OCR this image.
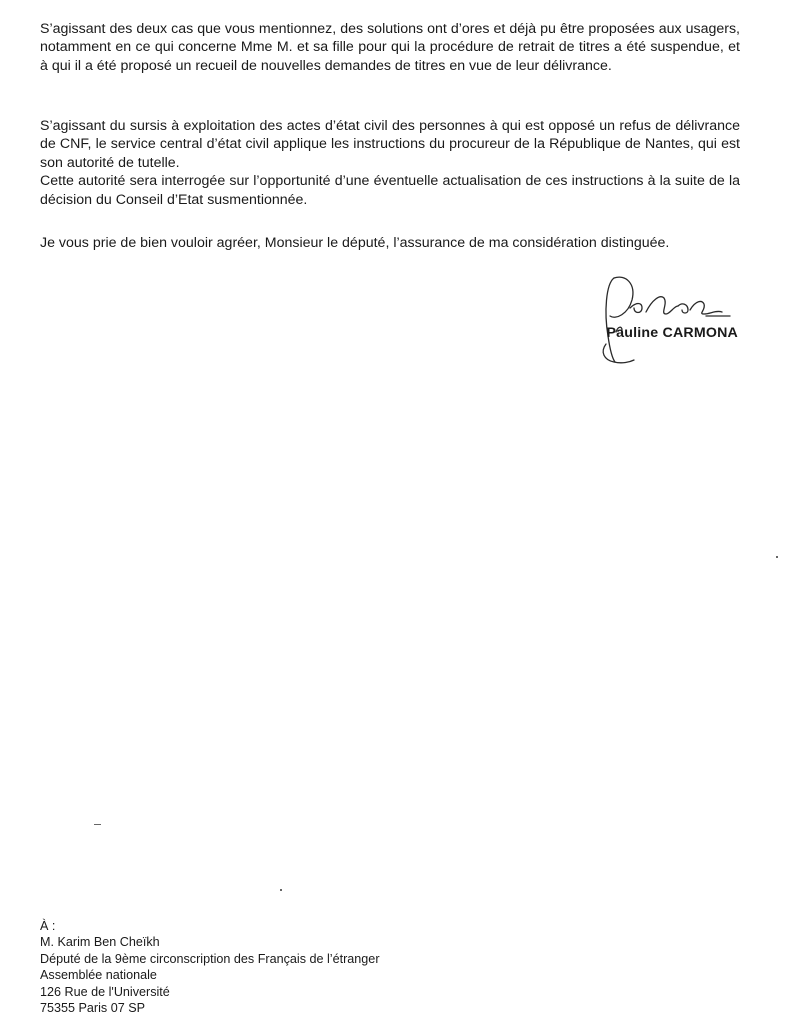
S’agissant des deux cas que vous mentionnez, des solutions ont d’ores et déjà pu être proposées aux usagers, notamment en ce qui concerne Mme M. et sa fille pour qui la procédure de retrait de titres a été suspendue, et à qui il a été proposé un recueil de nouvelles demandes de titres en vue de leur délivrance.

S’agissant du sursis à exploitation des actes d’état civil des personnes à qui est opposé un refus de délivrance de CNF, le service central d’état civil applique les instructions du procureur de la République de Nantes, qui est son autorité de tutelle.
Cette autorité sera interrogée sur l’opportunité d’une éventuelle actualisation de ces instructions à la suite de la décision du Conseil d’Etat susmentionnée.

Je vous prie de bien vouloir agréer, Monsieur le député, l’assurance de ma considération distinguée.

Pauline CARMONA
À :
M. Karim Ben Cheïkh
Député de la 9ème circonscription des Français de l’étranger
Assemblée nationale
126 Rue de l'Université
75355 Paris 07 SP
